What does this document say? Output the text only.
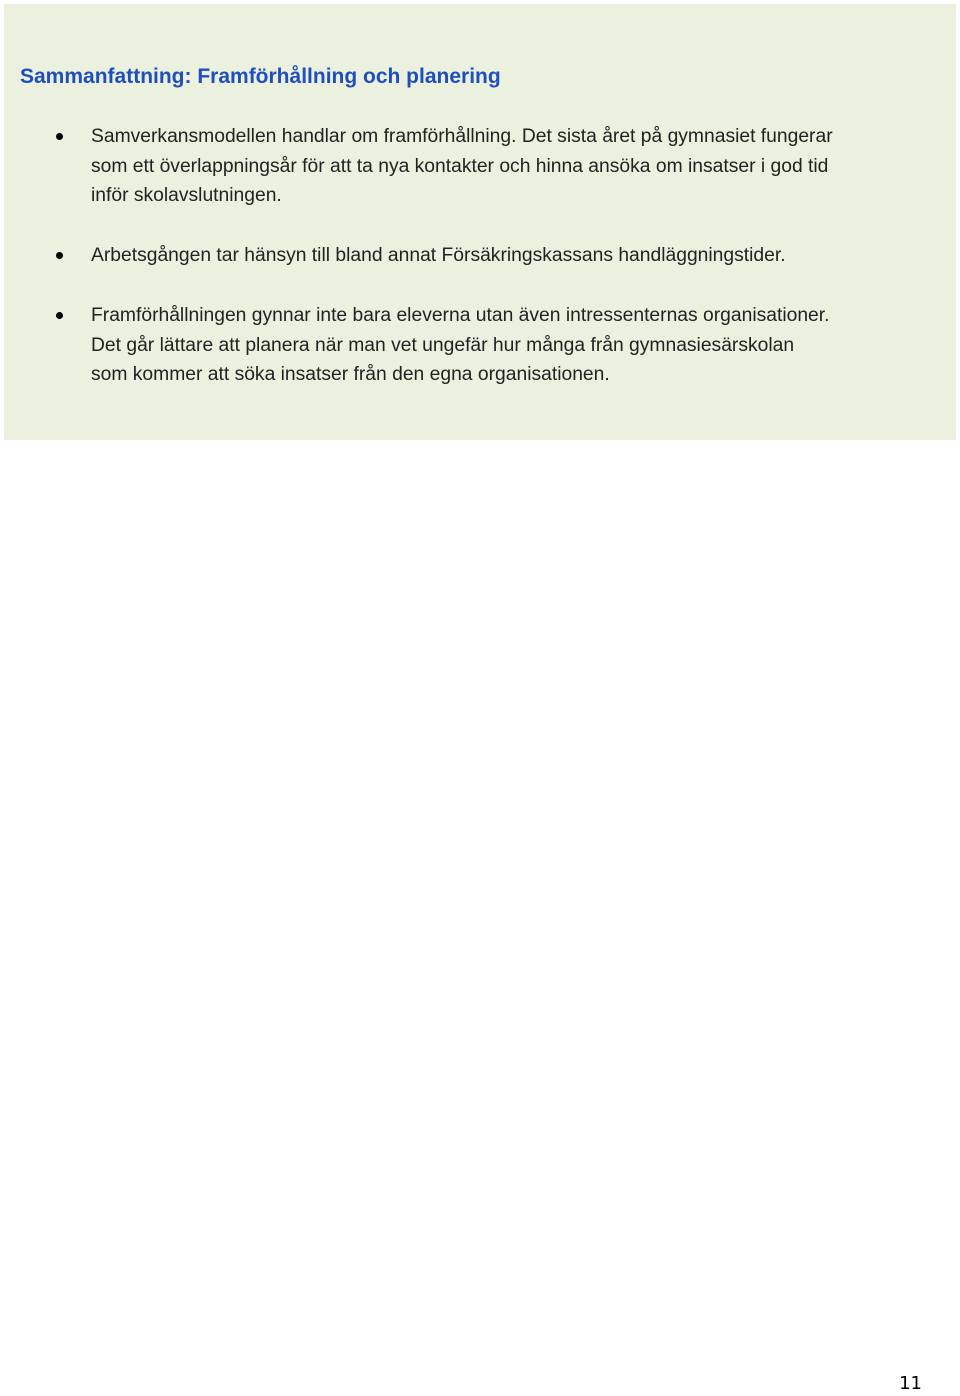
Sammanfattning: Framförhållning och planering

Samverkansmodellen handlar om framförhållning. Det sista året på gymnasiet fungerar
som ett överlappningsår för att ta nya kontakter och hinna ansöka om insatser i god tid
inför skolavslutningen.

Arbetsgången tar hänsyn till bland annat Försäkringskassans handläggningstider.

Framförhållningen gynnar inte bara eleverna utan även intressenternas organisationer.
Det går lättare att planera när man vet ungefär hur många från gymnasiesärskolan
som kommer att söka insatser från den egna organisationen.

11
